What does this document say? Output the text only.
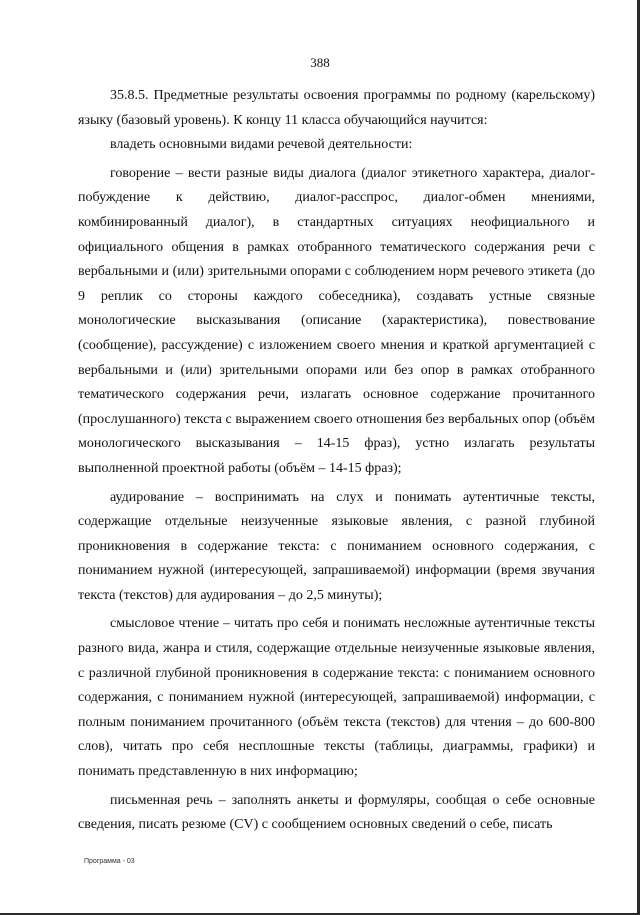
388

35.8.5. Предметные результаты освоения программы по родному (карельскому) языку (базовый уровень). К концу 11 класса обучающийся научится:

владеть основными видами речевой деятельности:

говорение – вести разные виды диалога (диалог этикетного характера, диалог-побуждение к действию, диалог-расспрос, диалог-обмен мнениями, комбинированный диалог), в стандартных ситуациях неофициального и официального общения в рамках отобранного тематического содержания речи с вербальными и (или) зрительными опорами с соблюдением норм речевого этикета (до 9 реплик со стороны каждого собеседника), создавать устные связные монологические высказывания (описание (характеристика), повествование (сообщение), рассуждение) с изложением своего мнения и краткой аргументацией с вербальными и (или) зрительными опорами или без опор в рамках отобранного тематического содержания речи, излагать основное содержание прочитанного (прослушанного) текста с выражением своего отношения без вербальных опор (объём монологического высказывания – 14-15 фраз), устно излагать результаты выполненной проектной работы (объём – 14-15 фраз);

аудирование – воспринимать на слух и понимать аутентичные тексты, содержащие отдельные неизученные языковые явления, с разной глубиной проникновения в содержание текста: с пониманием основного содержания, с пониманием нужной (интересующей, запрашиваемой) информации (время звучания текста (текстов) для аудирования – до 2,5 минуты);

смысловое чтение – читать про себя и понимать несложные аутентичные тексты разного вида, жанра и стиля, содержащие отдельные неизученные языковые явления, с различной глубиной проникновения в содержание текста: с пониманием основного содержания, с пониманием нужной (интересующей, запрашиваемой) информации, с полным пониманием прочитанного (объём текста (текстов) для чтения – до 600-800 слов), читать про себя несплошные тексты (таблицы, диаграммы, графики) и понимать представленную в них информацию;

письменная речь – заполнять анкеты и формуляры, сообщая о себе основные сведения, писать резюме (CV) с сообщением основных сведений о себе, писать

Программа - 03
